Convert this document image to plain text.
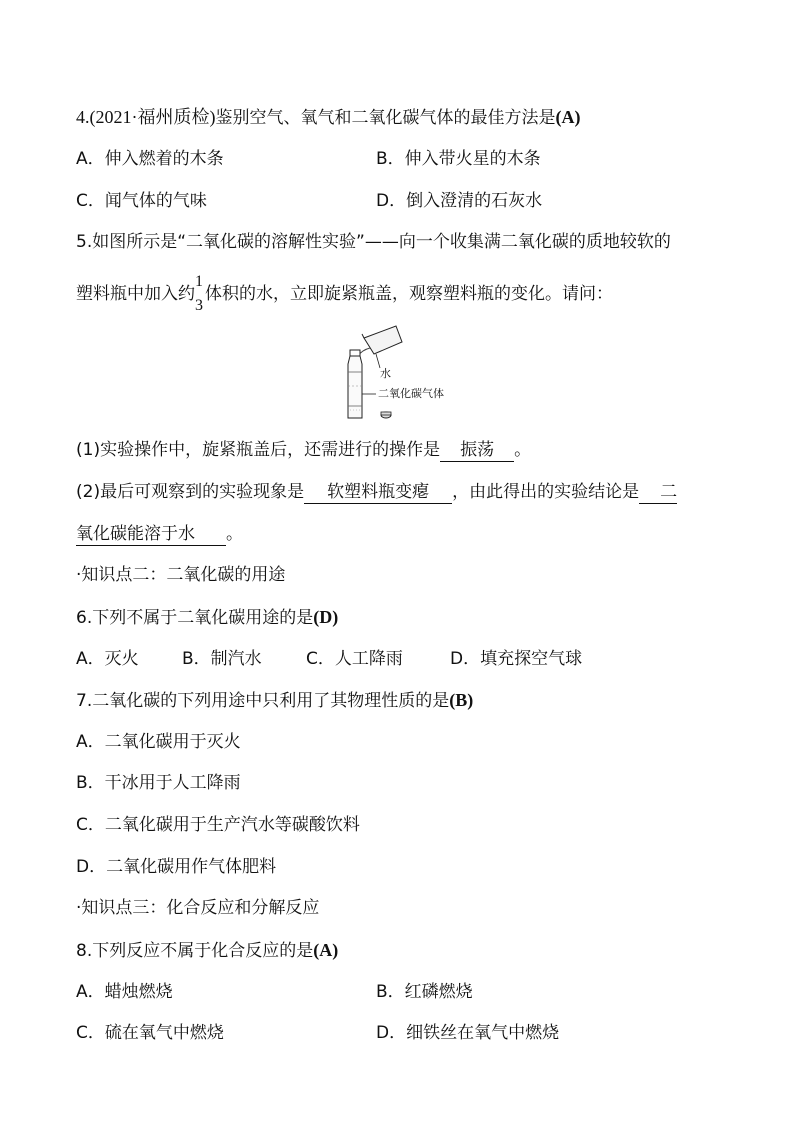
4.(2021·福州质检)鉴别空气、氧气和二氧化碳气体的最佳方法是(A)
A．伸入燃着的木条	B．伸入带火星的木条
C．闻气体的气味	D．倒入澄清的石灰水
5.如图所示是“二氧化碳的溶解性实验”——向一个收集满二氧化碳的质地较软的
塑料瓶中加入约
1
3
体积的水，立即旋紧瓶盖，观察塑料瓶的变化。请问：
水
二氧化碳气体
(1)实验操作中，旋紧瓶盖后，还需进行的操作是 振荡 。
(2)最后可观察到的实验现象是 软塑料瓶变瘪 ，由此得出的实验结论是 二
氧化碳能溶于水 。
·知识点二：二氧化碳的用途
6.下列不属于二氧化碳用途的是(D)
A．灭火	B．制汽水	C．人工降雨	D．填充探空气球
7.二氧化碳的下列用途中只利用了其物理性质的是(B)
A．二氧化碳用于灭火
B．干冰用于人工降雨
C．二氧化碳用于生产汽水等碳酸饮料
D．二氧化碳用作气体肥料
·知识点三：化合反应和分解反应
8.下列反应不属于化合反应的是(A)
A．蜡烛燃烧	B．红磷燃烧
C．硫在氧气中燃烧	D．细铁丝在氧气中燃烧
